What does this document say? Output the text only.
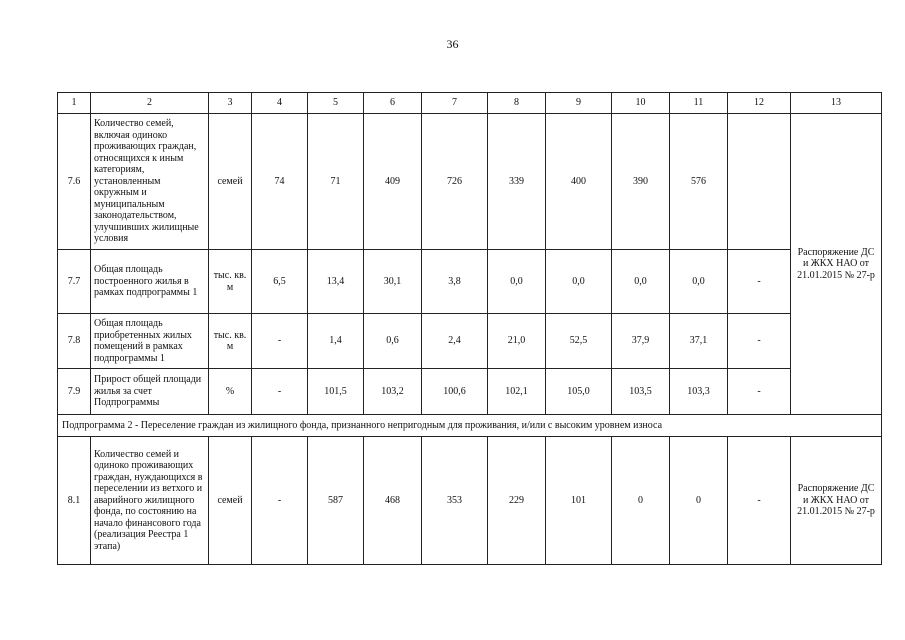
36
1	2	3	4	5	6	7	8	9	10	11	12	13
7.6	Количество семей, включая одиноко проживающих граждан, относящихся к иным категориям, установленным окружным и муниципальным законодательством, улучшивших жилищные условия	семей	74	71	409	726	339	400	390	576		Распоряжение ДС и ЖКХ НАО от 21.01.2015 № 27-р
7.7	Общая площадь построенного жилья в рамках подпрограммы 1	тыс. кв. м	6,5	13,4	30,1	3,8	0,0	0,0	0,0	0,0	-	
7.8	Общая площадь приобретенных жилых помещений в рамках подпрограммы 1	тыс. кв. м	-	1,4	0,6	2,4	21,0	52,5	37,9	37,1	-	
7.9	Прирост общей площади жилья за счет Подпрограммы	%	-	101,5	103,2	100,6	102,1	105,0	103,5	103,3	-	
Подпрограмма 2 - Переселение граждан из жилищного фонда, признанного непригодным для проживания, и/или с высоким уровнем износа												
8.1	Количество семей и одиноко проживающих граждан, нуждающихся в переселении из ветхого и аварийного жилищного фонда, по состоянию на начало финансового года (реализация Реестра 1 этапа)	семей	-	587	468	353	229	101	0	0	-	Распоряжение ДС и ЖКХ НАО от 21.01.2015 № 27-р
